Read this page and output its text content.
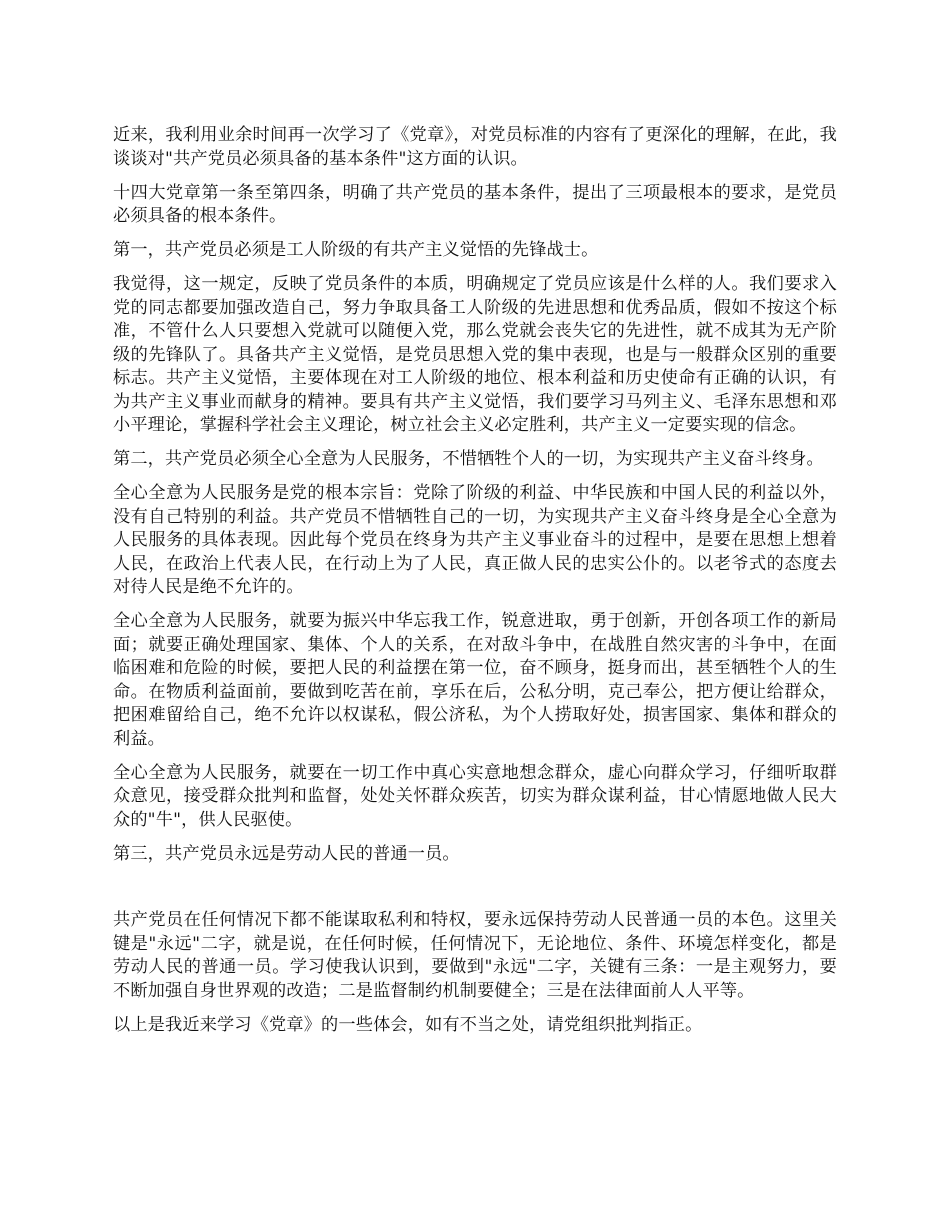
近来，我利用业余时间再一次学习了《党章》，对党员标准的内容有了更深化的理解，在此，我谈谈对"共产党员必须具备的基本条件"这方面的认识。

十四大党章第一条至第四条，明确了共产党员的基本条件，提出了三项最根本的要求，是党员必须具备的根本条件。

第一，共产党员必须是工人阶级的有共产主义觉悟的先锋战士。

我觉得，这一规定，反映了党员条件的本质，明确规定了党员应该是什么样的人。我们要求入党的同志都要加强改造自己，努力争取具备工人阶级的先进思想和优秀品质，假如不按这个标准，不管什么人只要想入党就可以随便入党，那么党就会丧失它的先进性，就不成其为无产阶级的先锋队了。具备共产主义觉悟，是党员思想入党的集中表现，也是与一般群众区别的重要标志。共产主义觉悟，主要体现在对工人阶级的地位、根本利益和历史使命有正确的认识，有为共产主义事业而献身的精神。要具有共产主义觉悟，我们要学习马列主义、毛泽东思想和邓小平理论，掌握科学社会主义理论，树立社会主义必定胜利，共产主义一定要实现的信念。

第二，共产党员必须全心全意为人民服务，不惜牺牲个人的一切，为实现共产主义奋斗终身。

全心全意为人民服务是党的根本宗旨：党除了阶级的利益、中华民族和中国人民的利益以外，没有自己特别的利益。共产党员不惜牺牲自己的一切，为实现共产主义奋斗终身是全心全意为人民服务的具体表现。因此每个党员在终身为共产主义事业奋斗的过程中，是要在思想上想着人民，在政治上代表人民，在行动上为了人民，真正做人民的忠实公仆的。以老爷式的态度去对待人民是绝不允许的。

全心全意为人民服务，就要为振兴中华忘我工作，锐意进取，勇于创新，开创各项工作的新局面；就要正确处理国家、集体、个人的关系，在对敌斗争中，在战胜自然灾害的斗争中，在面临困难和危险的时候，要把人民的利益摆在第一位，奋不顾身，挺身而出，甚至牺牲个人的生命。在物质利益面前，要做到吃苦在前，享乐在后，公私分明，克己奉公，把方便让给群众，把困难留给自己，绝不允许以权谋私，假公济私，为个人捞取好处，损害国家、集体和群众的利益。

全心全意为人民服务，就要在一切工作中真心实意地想念群众，虚心向群众学习，仔细听取群众意见，接受群众批判和监督，处处关怀群众疾苦，切实为群众谋利益，甘心情愿地做人民大众的"牛"，供人民驱使。

第三，共产党员永远是劳动人民的普通一员。

共产党员在任何情况下都不能谋取私利和特权，要永远保持劳动人民普通一员的本色。这里关键是"永远"二字，就是说，在任何时候，任何情况下，无论地位、条件、环境怎样变化，都是劳动人民的普通一员。学习使我认识到，要做到"永远"二字，关键有三条：一是主观努力，要不断加强自身世界观的改造；二是监督制约机制要健全；三是在法律面前人人平等。

以上是我近来学习《党章》的一些体会，如有不当之处，请党组织批判指正。
